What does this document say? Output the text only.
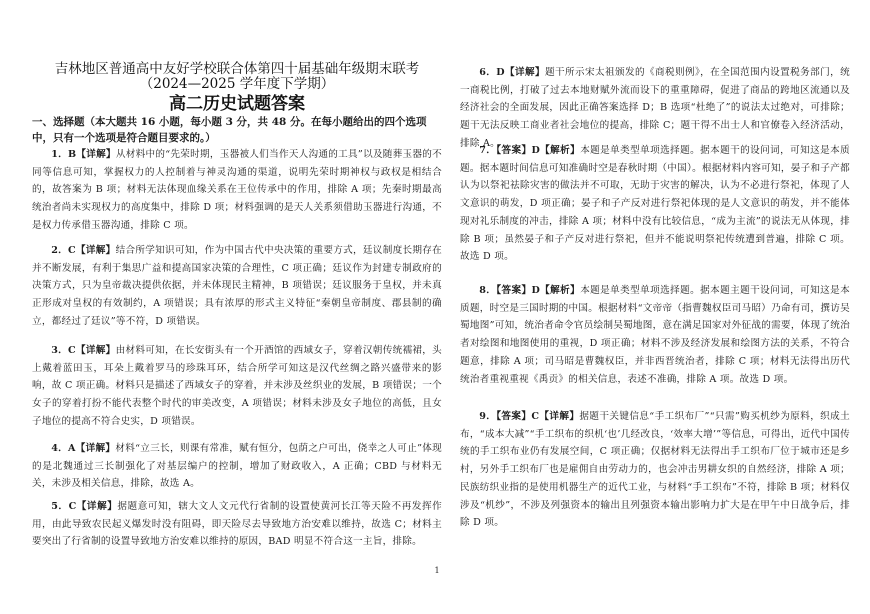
吉林地区普通高中友好学校联合体第四十届基础年级期末联考
（2024—2025 学年度下学期）
高二历史试题答案
一、选择题（本大题共 16 小题，每小题 3 分，共 48 分。在每小题给出的四个选项中，只有一个选项是符合题目要求的。）
1．B【详解】从材料中的“先荣时期，玉器被人们当作天人沟通的工具”以及随葬玉器的不同等信息可知，掌握权力的人控制着与神灵沟通的渠道，说明先荣时期神权与政权是相结合的，故答案为 B 项；材料无法体现血缘关系在王位传承中的作用，排除 A 项；先秦时期最高统治者尚未实现权力的高度集中，排除 D 项；材料强调的是天人关系须借助玉器进行沟通，不是权力传承借玉器沟通，排除 C 项。
2．C【详解】结合所学知识可知，作为中国古代中央决策的重要方式，廷议制度长期存在并不断发展，有利于集思广益和提高国家决策的合理性，C 项正确；廷议作为封建专制政府的决策方式，只为皇帝裁决提供依据，并未体现民主精神，B 项错误；廷议服务于皇权，并未真正形成对皇权的有效制约，A 项错误；具有浓厚的形式主义特征“秦朝皇帝制度、郡县制的确立，都经过了廷议”等不符，D 项错误。
3．C【详解】由材料可知，在长安街头有一个开酒馆的西域女子，穿着汉朝传统襦裙，头上戴着蓝田玉，耳朵上戴着罗马的珍珠耳环，结合所学可知这是汉代丝绸之路兴盛带来的影响，故 C 项正确。材料只是描述了西域女子的穿着，并未涉及丝织业的发展，B 项错误；一个女子的穿着打扮不能代表整个时代的审美改变，A 项错误；材料未涉及女子地位的高低，且女子地位的提高不符合史实，D 项错误。
4．A【详解】材料“立三长，则课有常准，赋有恒分，包荫之户可出，侥幸之人可止”体现的是北魏通过三长制强化了对基层编户的控制，增加了财政收入，A 正确；CBD 与材料无关，未涉及相关信息，排除，故选 A。
5．C【详解】据题意可知，辖大文人文元代行省制的设置使黄河长江等天险不再发挥作用，由此导致农民起义爆发时没有阻碍，即天险尽去导致地方治安难以维持，故选 C；材料主要突出了行省制的设置导致地方治安难以维持的原因，BAD 明显不符合这一主旨，排除。
6．D【详解】题干所示宋太祖颁发的《商税则例》，在全国范围内设置税务部门，统一商税比例，打破了过去本地财赋外流而设下的重重障碍，促进了商品的跨地区流通以及经济社会的全面发展，因此正确答案选择 D；B 选项“杜绝了”的说法太过绝对，可排除；题干无法反映工商业者社会地位的提高，排除 C；题干得不出士人和官僚卷入经济活动，排除 A。
7．【答案】D【解析】本题是单类型单项选择题。据本题干的设问词，可知这是本质题。据本题时间信息可知准确时空是春秋时期（中国）。根据材料内容可知，晏子和子产都认为以祭祀祛除灾害的做法并不可取，无助于灾害的解决，认为不必进行祭祀，体现了人文意识的萌发，D 项正确；晏子和子产反对进行祭祀体现的是人文意识的萌发，并不能体现对礼乐制度的冲击，排除 A 项；材料中没有比较信息，“成为主流”的说法无从体现，排除 B 项；虽然晏子和子产反对进行祭祀，但并不能说明祭祀传统遭到普遍，排除 C 项。故选 D 项。
8．【答案】D【解析】本题是单类型单项选择题。据本题主题干设问词，可知这是本质题，时空是三国时期的中国。根据材料“文帝帝（指曹魏权臣司马昭）乃命有司，撰访吴蜀地图”可知，统治者命令官员绘制吴蜀地图，意在满足国家对外征战的需要，体现了统治者对绘图和地图使用的重视，D 项正确；材料不涉及经济发展和绘图方法的关系，不符合题意，排除 A 项；司马昭是曹魏权臣，并非西晋统治者，排除 C 项；材料无法得出历代统治者重视重视《禹贡》的相关信息，表述不准确，排除 A 项。故选 D 项。
9．【答案】C【详解】据题干关键信息“手工织布厂”“只需”购买机纱为原料，织成土布，“成本大减”“手工织布的织机‘也’几经改良，‘效率大增’”等信息，可得出，近代中国传统的手工织布业仍有发展空间，C 项正确；仅据材料无法得出手工织布厂位于城市还是乡村，另外手工织布厂也是雇佣自由劳动力的，也会冲击男耕女织的自然经济，排除 A 项；民族纺织业指的是使用机器生产的近代工业，与材料“手工织布”不符，排除 B 项；材料仅涉及“机纱”，不涉及列强资本的输出且列强资本输出影响力扩大是在甲午中日战争后，排除 D 项。
1
